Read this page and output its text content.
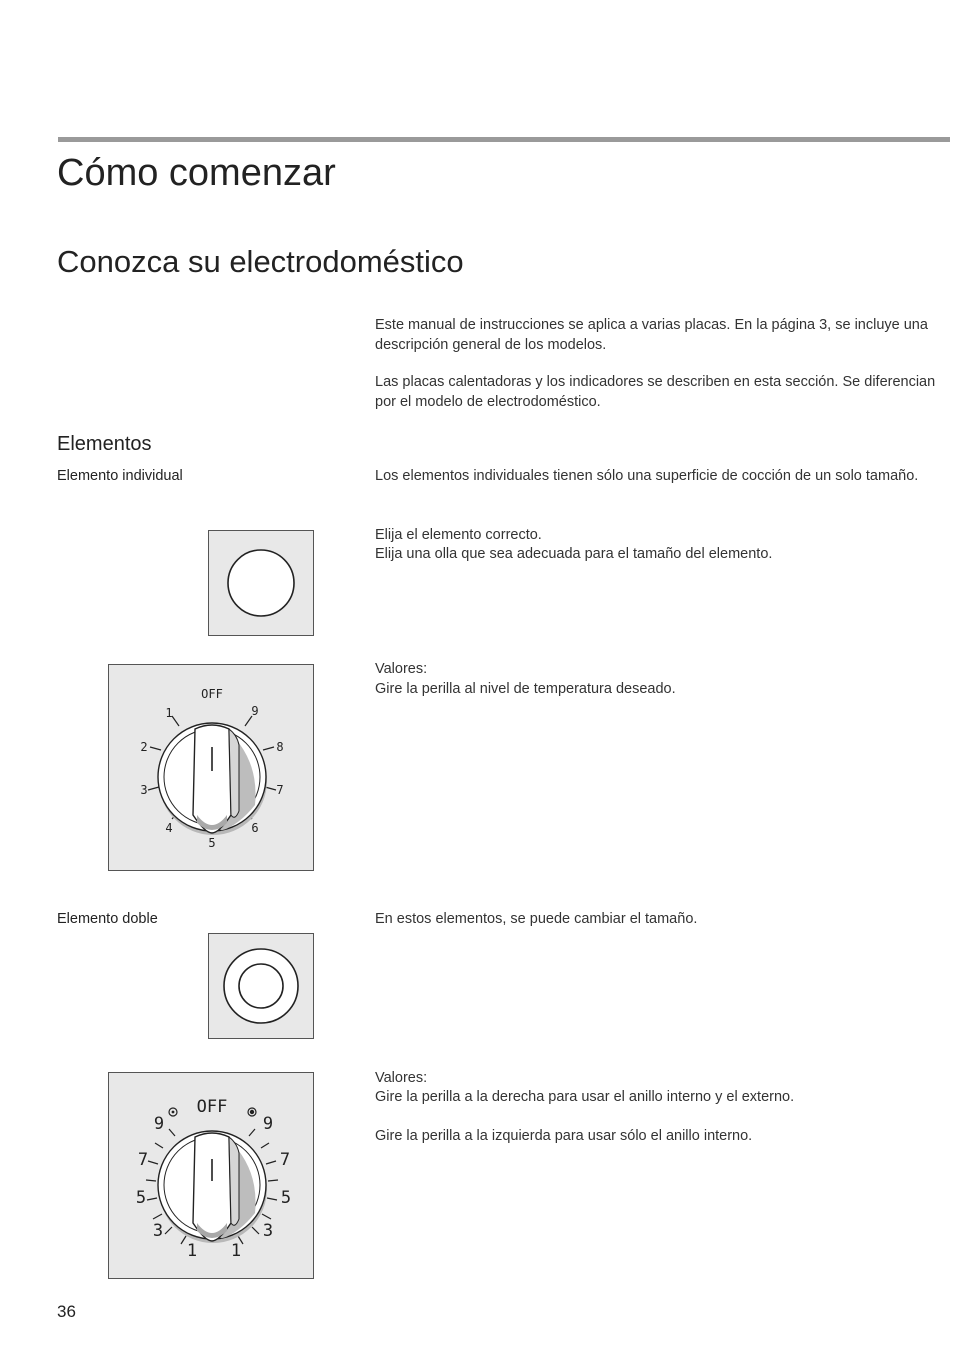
Cómo comenzar
Conozca su electrodoméstico

Este manual de instrucciones se aplica a varias placas. En la página 3, se incluye una descripción general de los modelos.

Las placas calentadoras y los indicadores se describen en esta sección. Se diferencian por el modelo de electrodoméstico.

Elementos

Elemento individual	Los elementos individuales tienen sólo una superficie de cocción de un solo tamaño.

Elija el elemento correcto.

Elija una olla que sea adecuada para el tamaño del elemento.

Valores:

Gire la perilla al nivel de temperatura deseado.

OFF
1
2
3
4
5
6
7
8
9

Elemento doble	En estos elementos, se puede cambiar el tamaño.

Valores:

Gire la perilla a la derecha para usar el anillo interno y el externo.

Gire la perilla a la izquierda para usar sólo el anillo interno.

OFF
9
7
5
3
1
9
7
5
3
1

36
